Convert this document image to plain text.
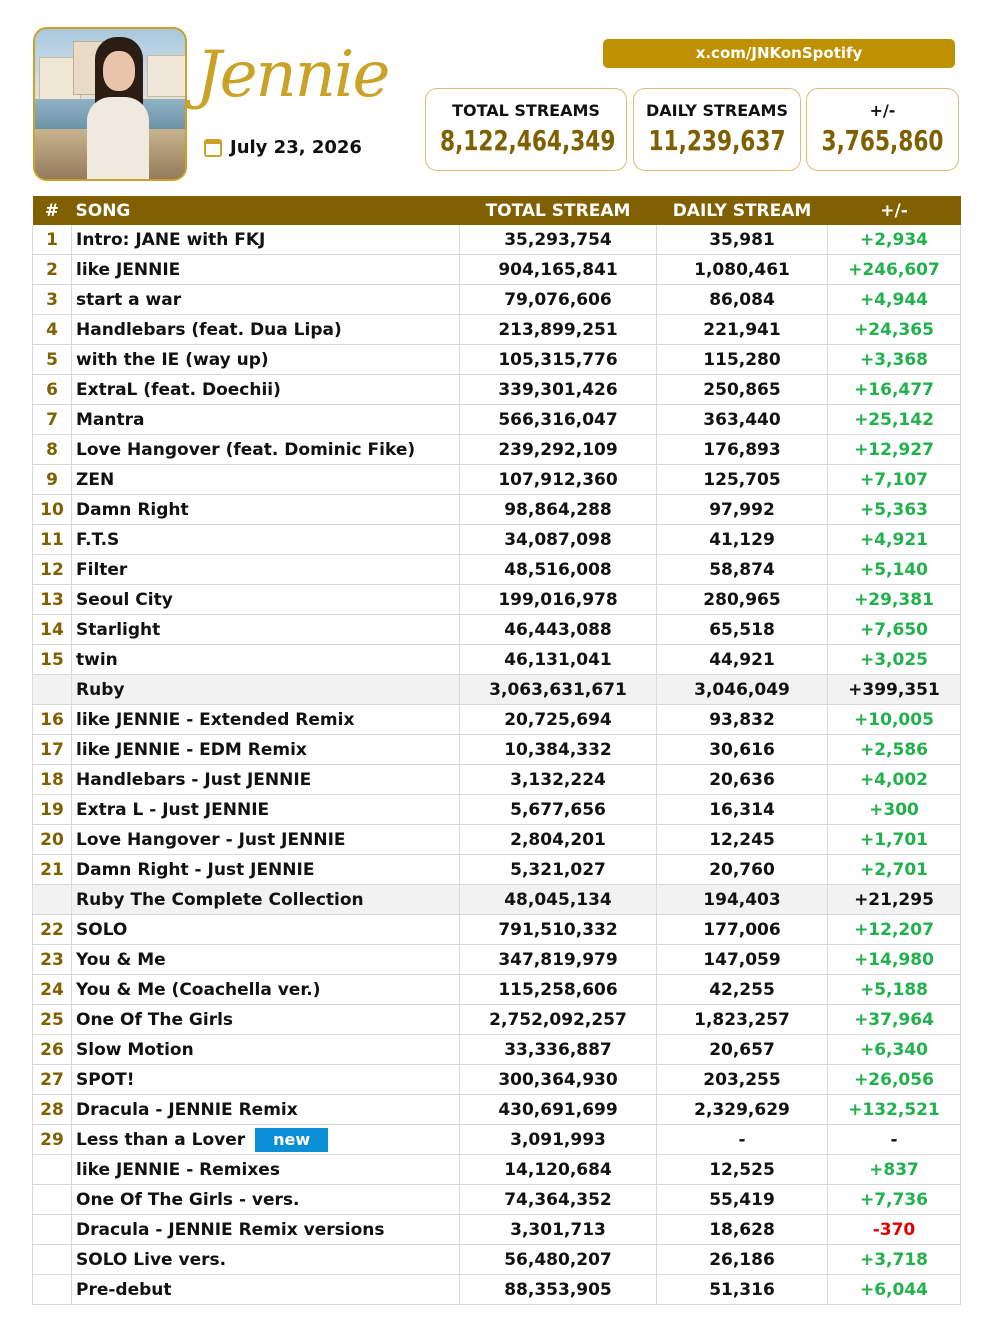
Jennie
July 23, 2026
x.com/JNKonSpotify
TOTAL STREAMS
8,122,464,349
DAILY STREAMS
11,239,637
+/-
3,765,860
#	SONG	TOTAL STREAM	DAILY STREAM	+/-
1	Intro: JANE with FKJ	35,293,754	35,981	+2,934
2	like JENNIE	904,165,841	1,080,461	+246,607
3	start a war	79,076,606	86,084	+4,944
4	Handlebars (feat. Dua Lipa)	213,899,251	221,941	+24,365
5	with the IE (way up)	105,315,776	115,280	+3,368
6	ExtraL (feat. Doechii)	339,301,426	250,865	+16,477
7	Mantra	566,316,047	363,440	+25,142
8	Love Hangover (feat. Dominic Fike)	239,292,109	176,893	+12,927
9	ZEN	107,912,360	125,705	+7,107
10	Damn Right	98,864,288	97,992	+5,363
11	F.T.S	34,087,098	41,129	+4,921
12	Filter	48,516,008	58,874	+5,140
13	Seoul City	199,016,978	280,965	+29,381
14	Starlight	46,443,088	65,518	+7,650
15	twin	46,131,041	44,921	+3,025
	Ruby	3,063,631,671	3,046,049	+399,351
16	like JENNIE - Extended Remix	20,725,694	93,832	+10,005
17	like JENNIE - EDM Remix	10,384,332	30,616	+2,586
18	Handlebars - Just JENNIE	3,132,224	20,636	+4,002
19	Extra L - Just JENNIE	5,677,656	16,314	+300
20	Love Hangover - Just JENNIE	2,804,201	12,245	+1,701
21	Damn Right - Just JENNIE	5,321,027	20,760	+2,701
	Ruby The Complete Collection	48,045,134	194,403	+21,295
22	SOLO	791,510,332	177,006	+12,207
23	You & Me	347,819,979	147,059	+14,980
24	You & Me (Coachella ver.)	115,258,606	42,255	+5,188
25	One Of The Girls	2,752,092,257	1,823,257	+37,964
26	Slow Motion	33,336,887	20,657	+6,340
27	SPOT!	300,364,930	203,255	+26,056
28	Dracula - JENNIE Remix	430,691,699	2,329,629	+132,521
29	Less than a Lover new	3,091,993	-	-
	like JENNIE - Remixes	14,120,684	12,525	+837
	One Of The Girls - vers.	74,364,352	55,419	+7,736
	Dracula - JENNIE Remix versions	3,301,713	18,628	-370
	SOLO Live vers.	56,480,207	26,186	+3,718
	Pre-debut	88,353,905	51,316	+6,044
